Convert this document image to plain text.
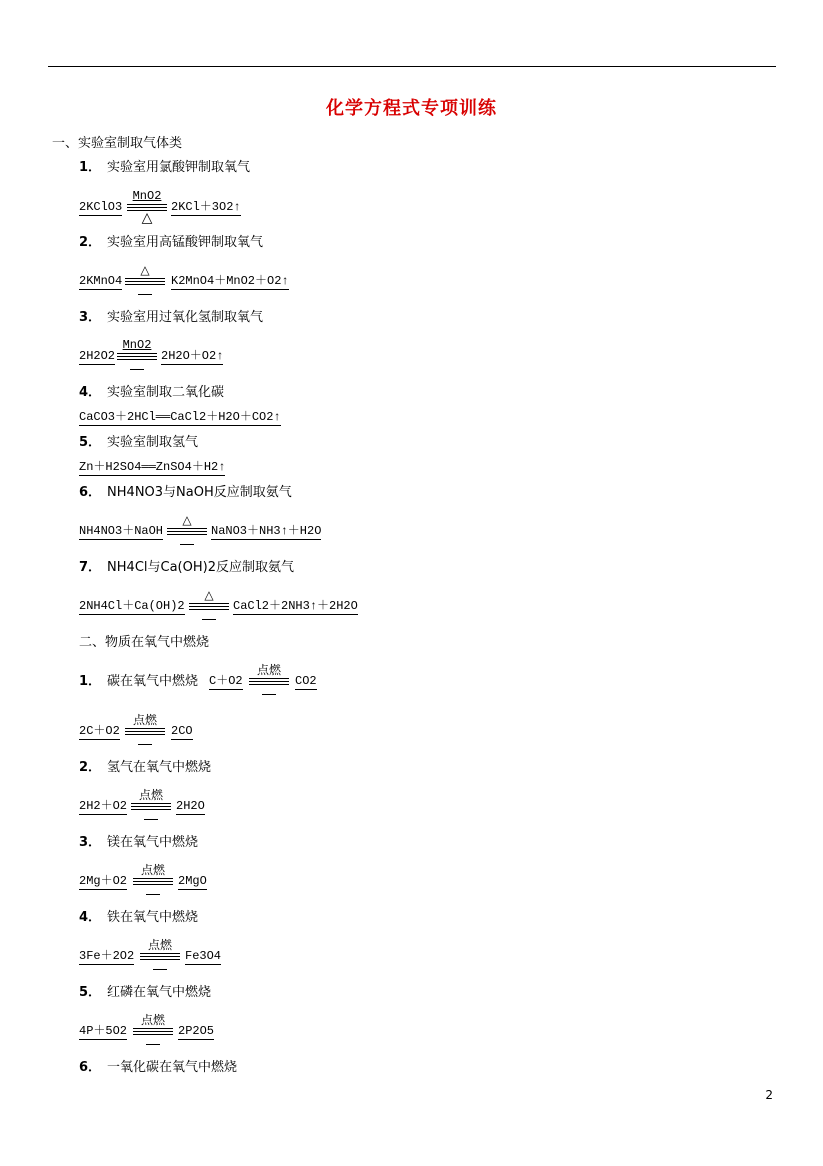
化学方程式专项训练
一、实验室制取气体类
1． 实验室用氯酸钾制取氧气
2KClO3
MnO2
△
2KCl＋3O2↑
2． 实验室用高锰酸钾制取氧气
2KMnO4
△
K2MnO4＋MnO2＋O2↑
3． 实验室用过氧化氢制取氧气
2H2O2
MnO2
2H2O＋O2↑
4． 实验室制取二氧化碳
CaCO3＋2HCl══CaCl2＋H2O＋CO2↑
5． 实验室制取氢气
Zn＋H2SO4══ZnSO4＋H2↑
6． NH4NO3与NaOH反应制取氨气
NH4NO3＋NaOH
△
NaNO3＋NH3↑＋H2O
7． NH4Cl与Ca(OH)2反应制取氨气
2NH4Cl＋Ca(OH)2
△
CaCl2＋2NH3↑＋2H2O
二、物质在氧气中燃烧
1． 碳在氧气中燃烧 C＋O2
点燃
CO2
2C＋O2
点燃
2CO
2． 氢气在氧气中燃烧
2H2＋O2
点燃
2H2O
3． 镁在氧气中燃烧
2Mg＋O2
点燃
2MgO
4． 铁在氧气中燃烧
3Fe＋2O2
点燃
Fe3O4
5． 红磷在氧气中燃烧
4P＋5O2
点燃
2P2O5
6． 一氧化碳在氧气中燃烧
2
